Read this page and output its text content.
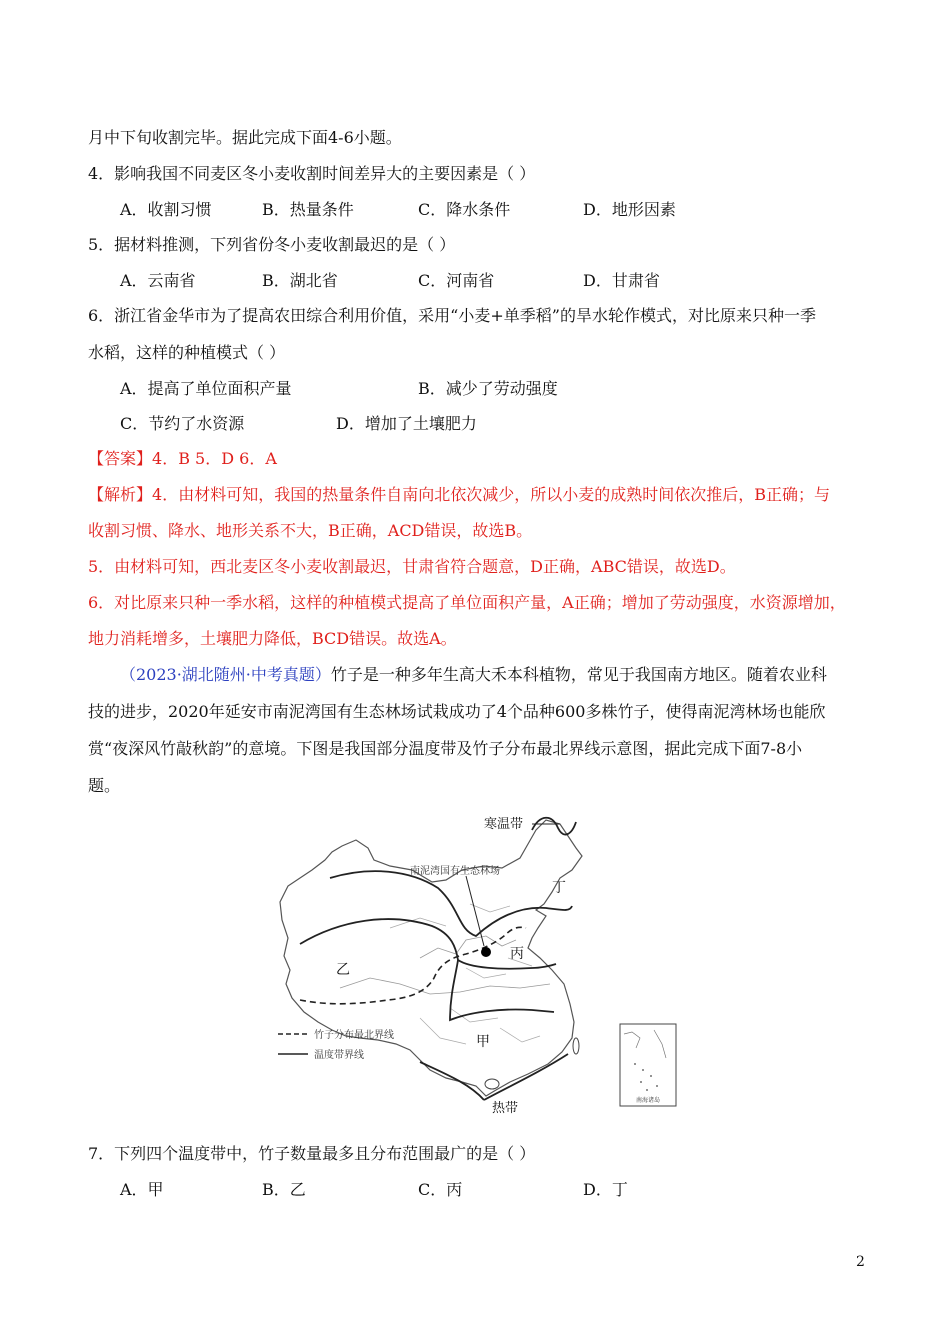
月中下旬收割完毕。据此完成下面4-6小题。
4．影响我国不同麦区冬小麦收割时间差异大的主要因素是（ ）
A．收割习惯	B．热量条件	C．降水条件	D．地形因素
5．据材料推测，下列省份冬小麦收割最迟的是（ ）
A．云南省	B．湖北省	C．河南省	D．甘肃省
6．浙江省金华市为了提高农田综合利用价值，采用“小麦+单季稻”的旱水轮作模式，对比原来只种一季
水稻，这样的种植模式（ ）
A．提高了单位面积产量	B．减少了劳动强度
C．节约了水资源	D．增加了土壤肥力
【答案】4．B 5．D 6．A
【解析】4．由材料可知，我国的热量条件自南向北依次减少，所以小麦的成熟时间依次推后，B正确；与
收割习惯、降水、地形关系不大，B正确，ACD错误，故选B。
5．由材料可知，西北麦区冬小麦收割最迟，甘肃省符合题意，D正确，ABC错误，故选D。
6．对比原来只种一季水稻，这样的种植模式提高了单位面积产量，A正确；增加了劳动强度，水资源增加，
地力消耗增多，土壤肥力降低，BCD错误。故选A。
（2023·湖北随州·中考真题）竹子是一种多年生高大禾本科植物，常见于我国南方地区。随着农业科
技的进步，2020年延安市南泥湾国有生态林场试栽成功了4个品种600多株竹子，使得南泥湾林场也能欣
赏“夜深风竹敲秋韵”的意境。下图是我国部分温度带及竹子分布最北界线示意图，据此完成下面7-8小
题。
寒温带
南泥湾国有生态林场
丁
丙
乙
甲
热带
竹子分布最北界线
温度带界线
南海诸岛
7．下列四个温度带中，竹子数量最多且分布范围最广的是（ ）
A．甲	B．乙	C．丙	D．丁
2
